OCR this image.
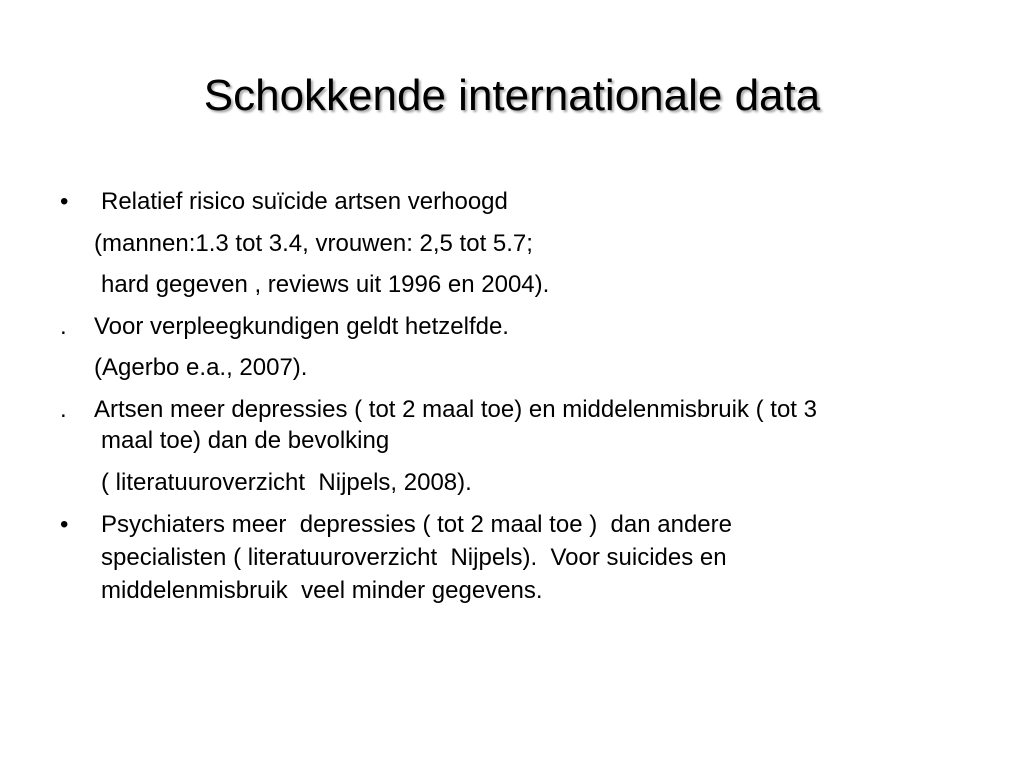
Schokkende internationale data
• Relatief risico suïcide artsen verhoogd
(mannen:1.3 tot 3.4, vrouwen: 2,5 tot 5.7;
hard gegeven , reviews uit 1996 en 2004).
. Voor verpleegkundigen geldt hetzelfde.
(Agerbo e.a., 2007).
. Artsen meer depressies ( tot 2 maal toe) en middelenmisbruik ( tot 3
maal toe) dan de bevolking
( literatuuroverzicht  Nijpels, 2008).
• Psychiaters meer  depressies ( tot 2 maal toe )  dan andere
specialisten ( literatuuroverzicht  Nijpels).  Voor suicides en
middelenmisbruik  veel minder gegevens.
